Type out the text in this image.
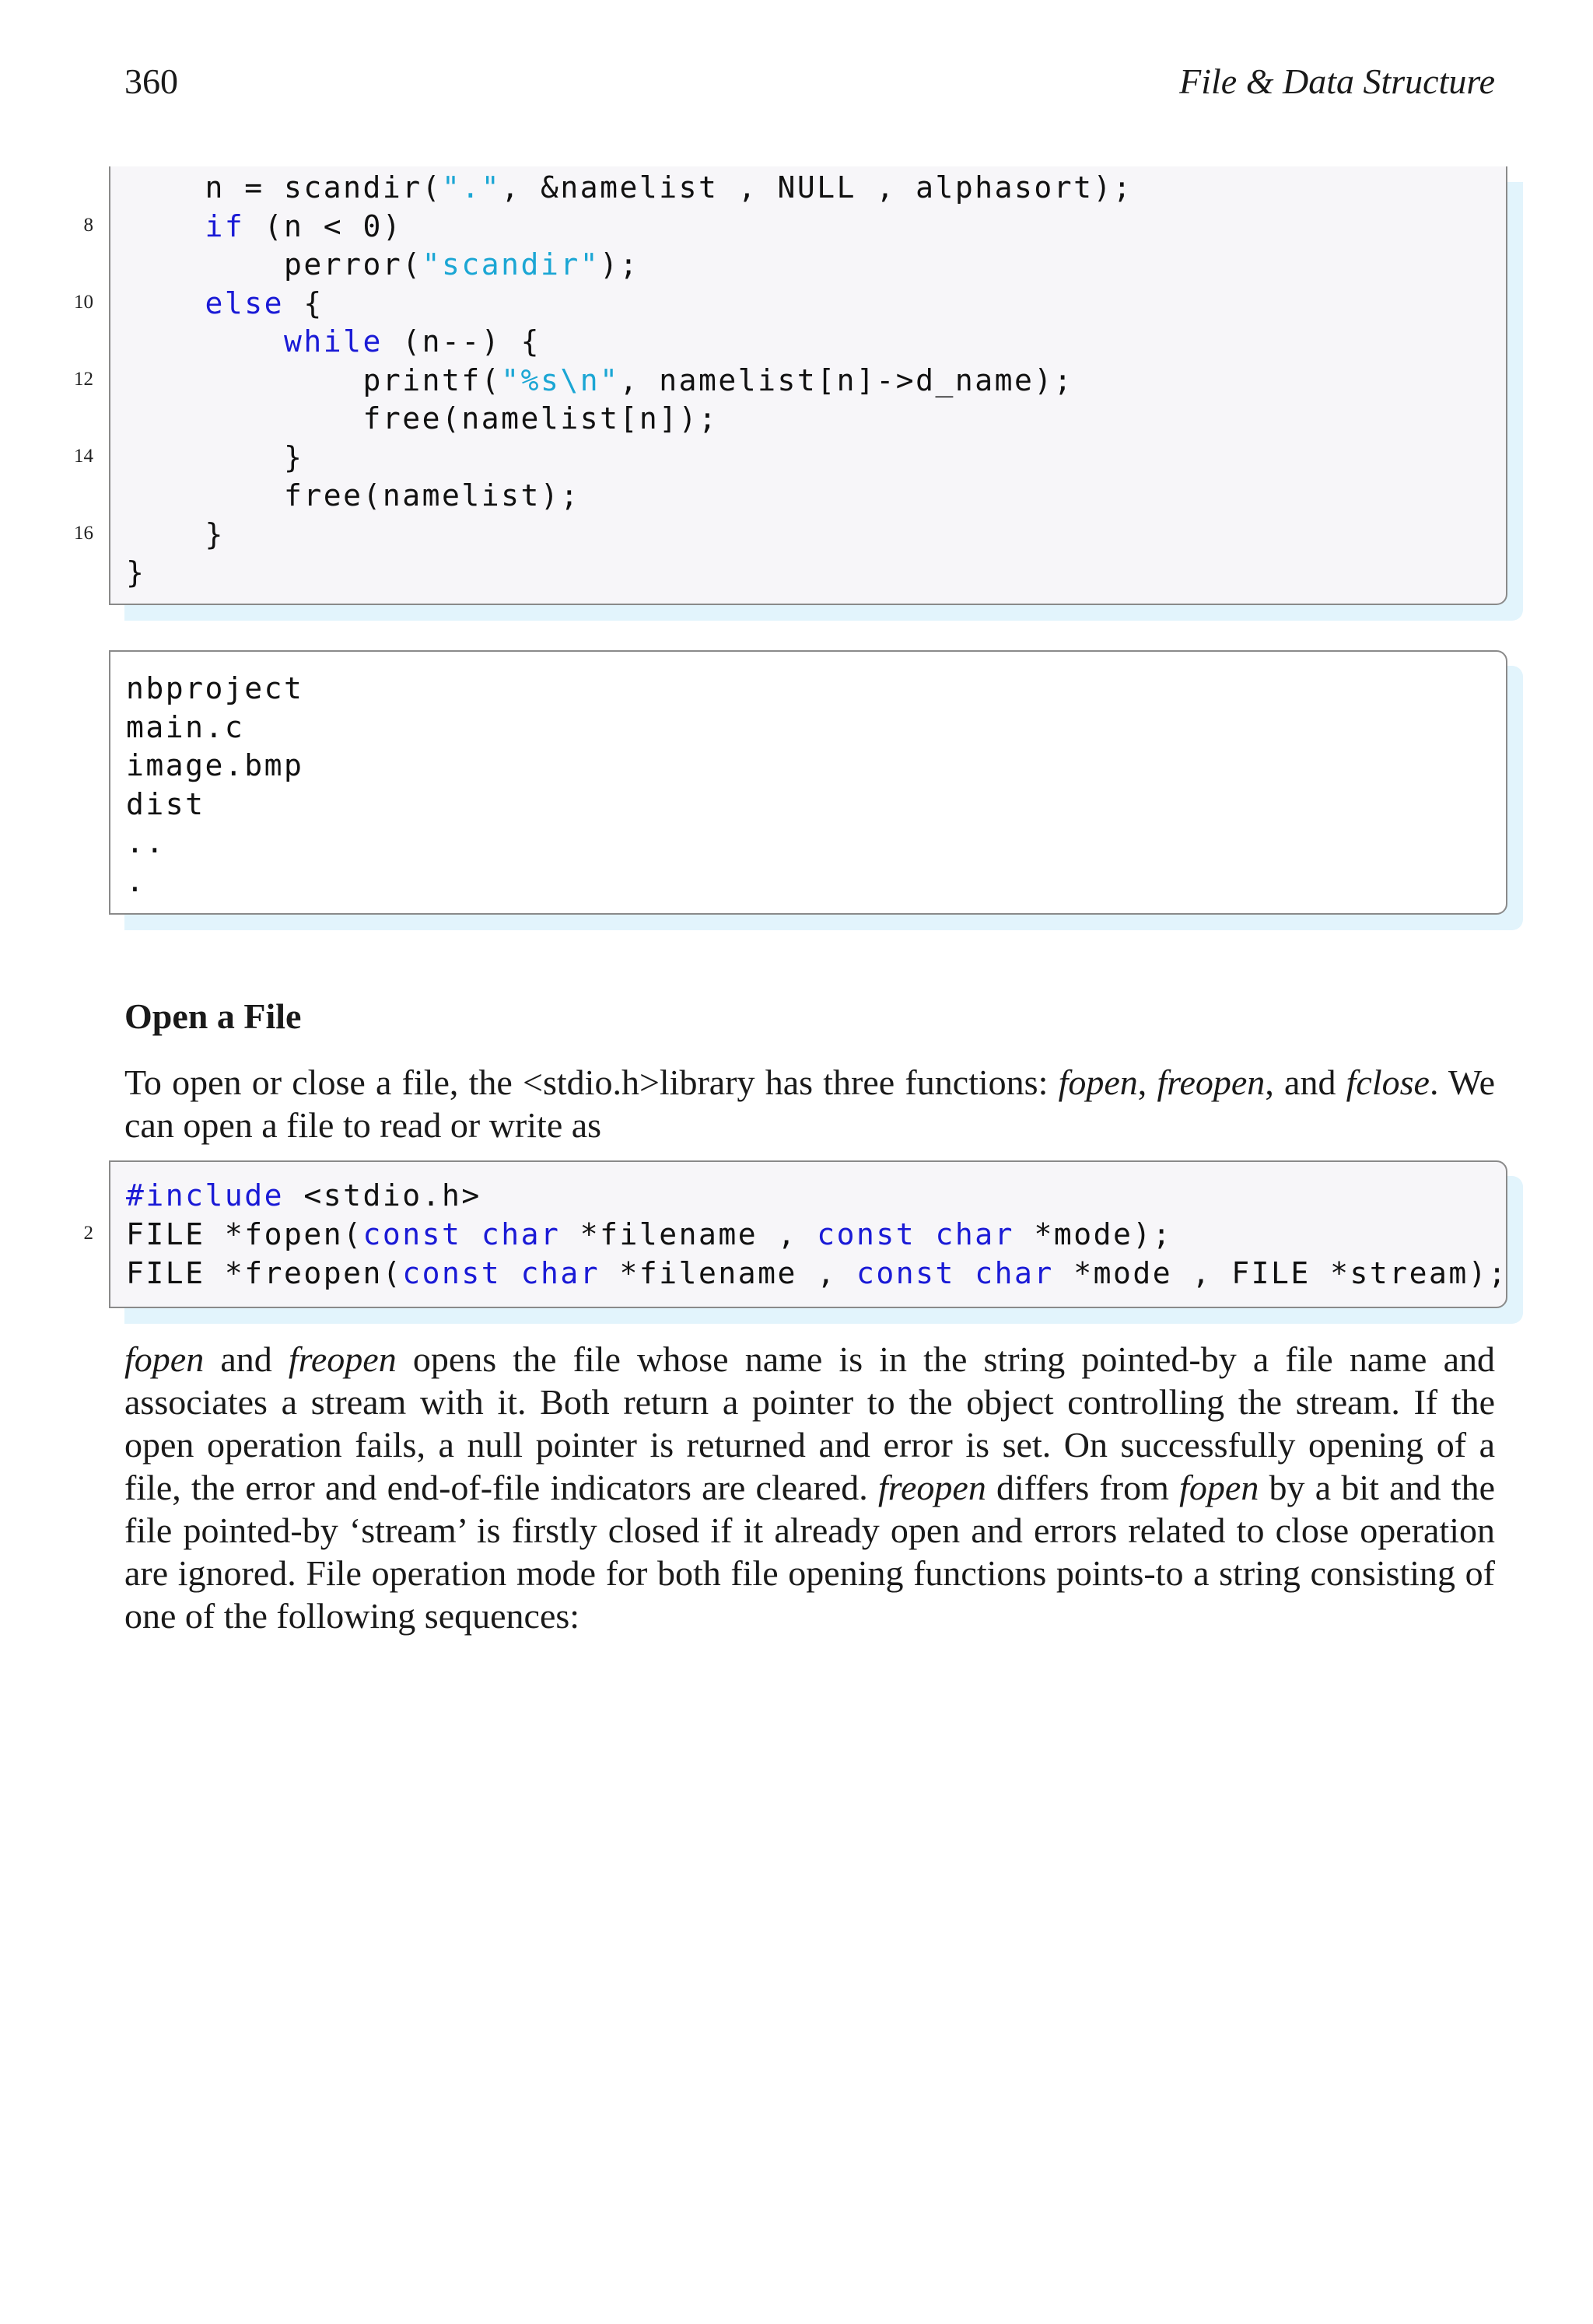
360	File & Data Structure
n = scandir(".", &namelist , NULL , alphasort);
if (n < 0)
8
perror("scandir");
else {
10
while (n--) {
printf("%s\n", namelist[n]->d_name);
12
free(namelist[n]);
}
14
free(namelist);
}
16
}
nbproject
main.c
image.bmp
dist
..
.
Open a File

To open or close a file, the <stdio.h>library has three functions: fopen, freopen, and fclose. We can open a file to read or write as

#include <stdio.h>
FILE *fopen(const char *filename , const char *mode);
2
FILE *freopen(const char *filename , const char *mode , FILE *stream);

fopen and freopen opens the file whose name is in the string pointed-by a file name and associates a stream with it. Both return a pointer to the object controlling the stream. If the open operation fails, a null pointer is returned and error is set. On successfully opening of a file, the error and end-of-file indicators are cleared. freopen differs from fopen by a bit and the file pointed-by ‘stream’ is firstly closed if it already open and errors related to close operation are ignored. File operation mode for both file opening functions points-to a string consisting of one of the following sequences:
